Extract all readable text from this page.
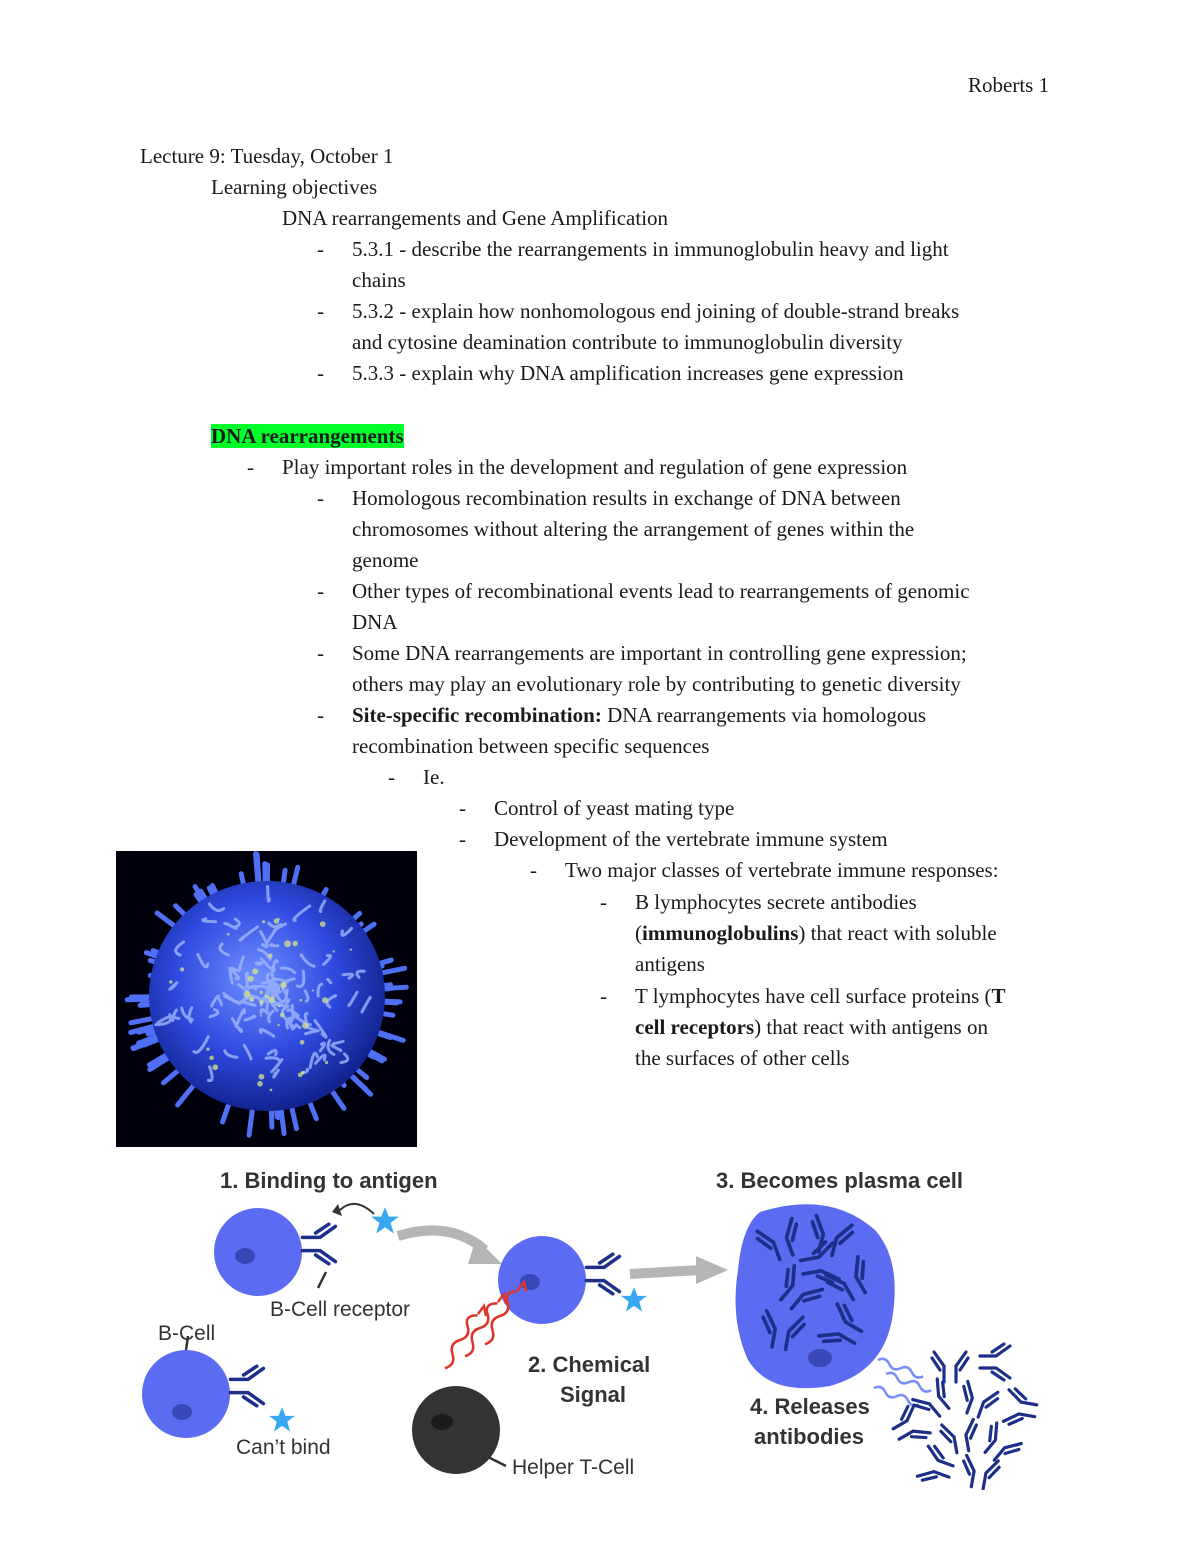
Roberts 1
Lecture 9: Tuesday, October 1
Learning objectives
DNA rearrangements and Gene Amplification
- 5.3.1 - describe the rearrangements in immunoglobulin heavy and light
chains
- 5.3.2 - explain how nonhomologous end joining of double-strand breaks
and cytosine deamination contribute to immunoglobulin diversity
- 5.3.3 - explain why DNA amplification increases gene expression
DNA rearrangements
- Play important roles in the development and regulation of gene expression
- Homologous recombination results in exchange of DNA between
chromosomes without altering the arrangement of genes within the
genome
- Other types of recombinational events lead to rearrangements of genomic
DNA
- Some DNA rearrangements are important in controlling gene expression;
others may play an evolutionary role by contributing to genetic diversity
- Site-specific recombination: DNA rearrangements via homologous
recombination between specific sequences
- Ie.
- Control of yeast mating type
- Development of the vertebrate immune system
- Two major classes of vertebrate immune responses:
- B lymphocytes secrete antibodies
(immunoglobulins) that react with soluble
antigens
- T lymphocytes have cell surface proteins (T
cell receptors) that react with antigens on
the surfaces of other cells
1. Binding to antigen	3. Becomes plasma cell
B-Cell receptor
2. Chemical
Signal
B-Cell
Can’t bind
Helper T-Cell
4. Releases
antibodies
